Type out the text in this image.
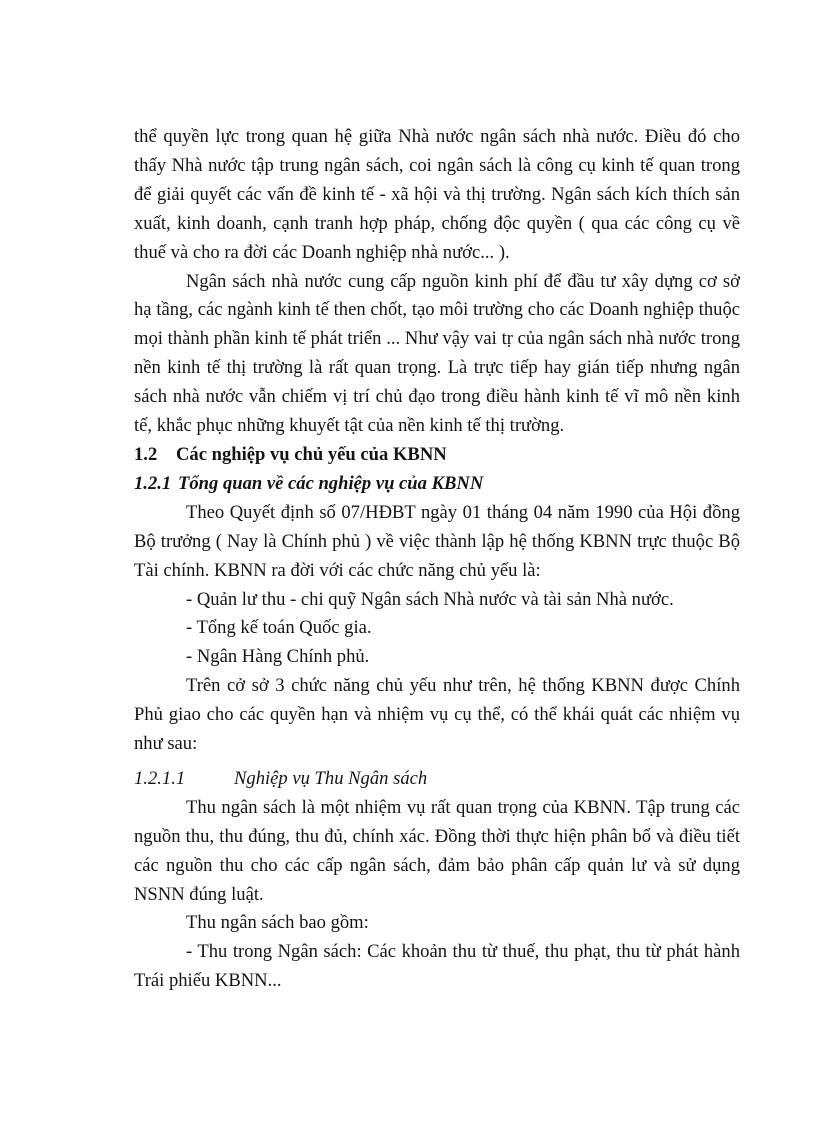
thể quyền lực trong quan hệ giữa Nhà nước ngân sách nhà nước. Điều đó cho thấy Nhà nước tập trung ngân sách, coi ngân sách là công cụ kinh tế quan trong để giải quyết các vấn đề kinh tế - xã hội và thị trường. Ngân sách kích thích sản xuất, kinh doanh, cạnh tranh hợp pháp, chống độc quyền ( qua các công cụ về thuế và cho ra đời các Doanh nghiệp nhà nước... ).

Ngân sách nhà nước cung cấp nguồn kinh phí để đầu tư xây dựng cơ sở hạ tầng, các ngành kinh tế then chốt, tạo môi trường cho các Doanh nghiệp thuộc mọi thành phần kinh tế phát triển ... Như vậy vai tṛ của ngân sách nhà nước trong nền kinh tế thị trường là rất quan trọng. Là trực tiếp hay gián tiếp nhưng ngân sách nhà nước vẫn chiếm vị trí chủ đạo trong điều hành kinh tế vĩ mô nền kinh tế, khắc phục những khuyết tật của nền kinh tế thị trường.

1.2 Các nghiệp vụ chủ yếu của KBNN

1.2.1 Tổng quan về các nghiệp vụ của KBNN

Theo Quyết định số 07/HĐBT ngày 01 tháng 04 năm 1990 của Hội đồng Bộ trưởng ( Nay là Chính phủ ) về việc thành lập hệ thống KBNN trực thuộc Bộ Tài chính. KBNN ra đời với các chức năng chủ yếu là:

- Quản lư thu - chi quỹ Ngân sách Nhà nước và tài sản Nhà nước.

- Tổng kế toán Quốc gia.

- Ngân Hàng Chính phủ.

Trên cở sở 3 chức năng chủ yếu như trên, hệ thống KBNN được Chính Phủ giao cho các quyền hạn và nhiệm vụ cụ thể, có thể khái quát các nhiệm vụ như sau:

1.2.1.1	Nghiệp vụ Thu Ngân sách

Thu ngân sách là một nhiệm vụ rất quan trọng của KBNN. Tập trung các nguồn thu, thu đúng, thu đủ, chính xác. Đồng thời thực hiện phân bổ và điều tiết các nguồn thu cho các cấp ngân sách, đảm bảo phân cấp quản lư và sử dụng NSNN đúng luật.

Thu ngân sách bao gồm:

- Thu trong Ngân sách: Các khoản thu từ thuế, thu phạt, thu từ phát hành Trái phiếu KBNN...
